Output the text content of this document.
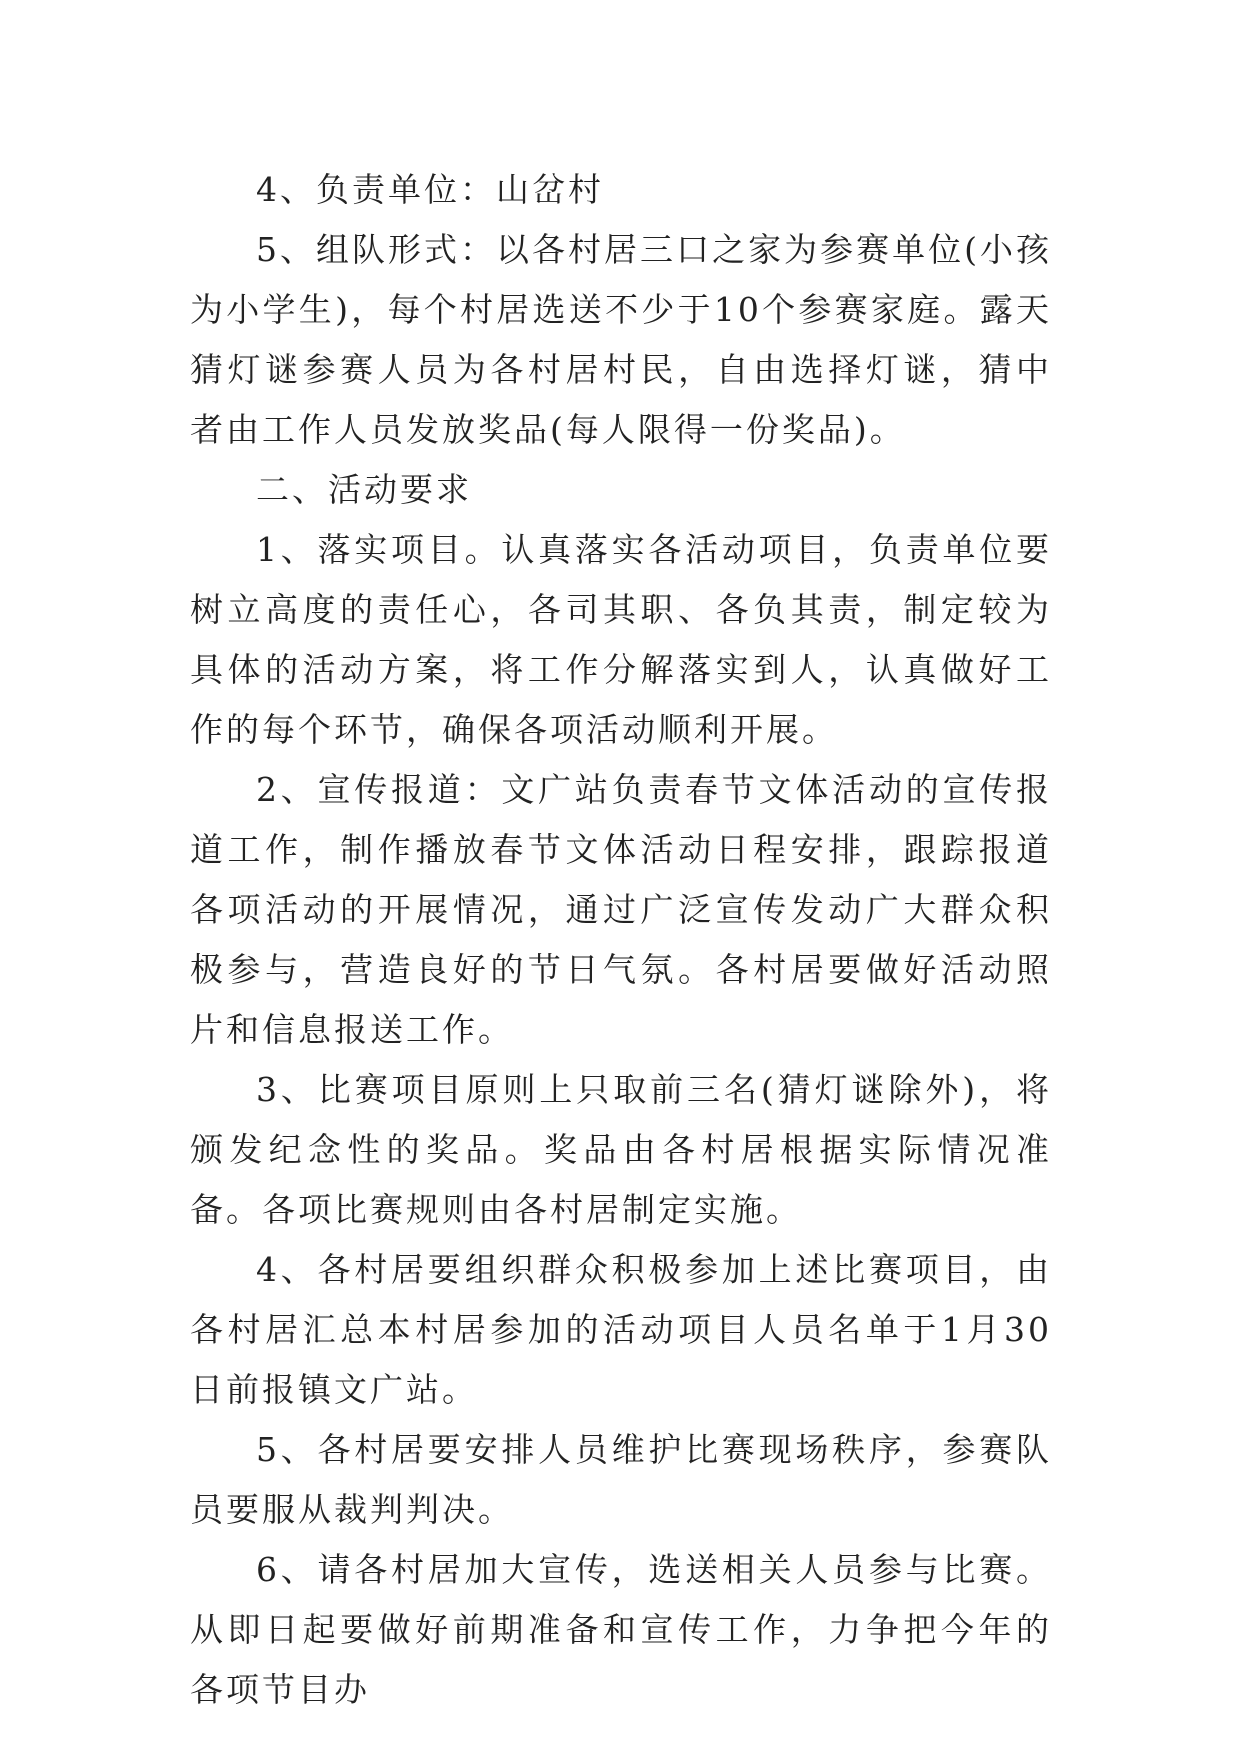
4、负责单位：山岔村

5、组队形式：以各村居三口之家为参赛单位(小孩为小学生)，每个村居选送不少于10个参赛家庭。露天猜灯谜参赛人员为各村居村民，自由选择灯谜，猜中者由工作人员发放奖品(每人限得一份奖品)。

二、活动要求

1、落实项目。认真落实各活动项目，负责单位要树立高度的责任心，各司其职、各负其责，制定较为具体的活动方案，将工作分解落实到人，认真做好工作的每个环节，确保各项活动顺利开展。

2、宣传报道：文广站负责春节文体活动的宣传报道工作，制作播放春节文体活动日程安排，跟踪报道各项活动的开展情况，通过广泛宣传发动广大群众积极参与，营造良好的节日气氛。各村居要做好活动照片和信息报送工作。

3、比赛项目原则上只取前三名(猜灯谜除外)，将颁发纪念性的奖品。奖品由各村居根据实际情况准备。各项比赛规则由各村居制定实施。

4、各村居要组织群众积极参加上述比赛项目，由各村居汇总本村居参加的活动项目人员名单于1月30日前报镇文广站。

5、各村居要安排人员维护比赛现场秩序，参赛队员要服从裁判判决。

6、请各村居加大宣传，选送相关人员参与比赛。从即日起要做好前期准备和宣传工作，力争把今年的各项节目办
